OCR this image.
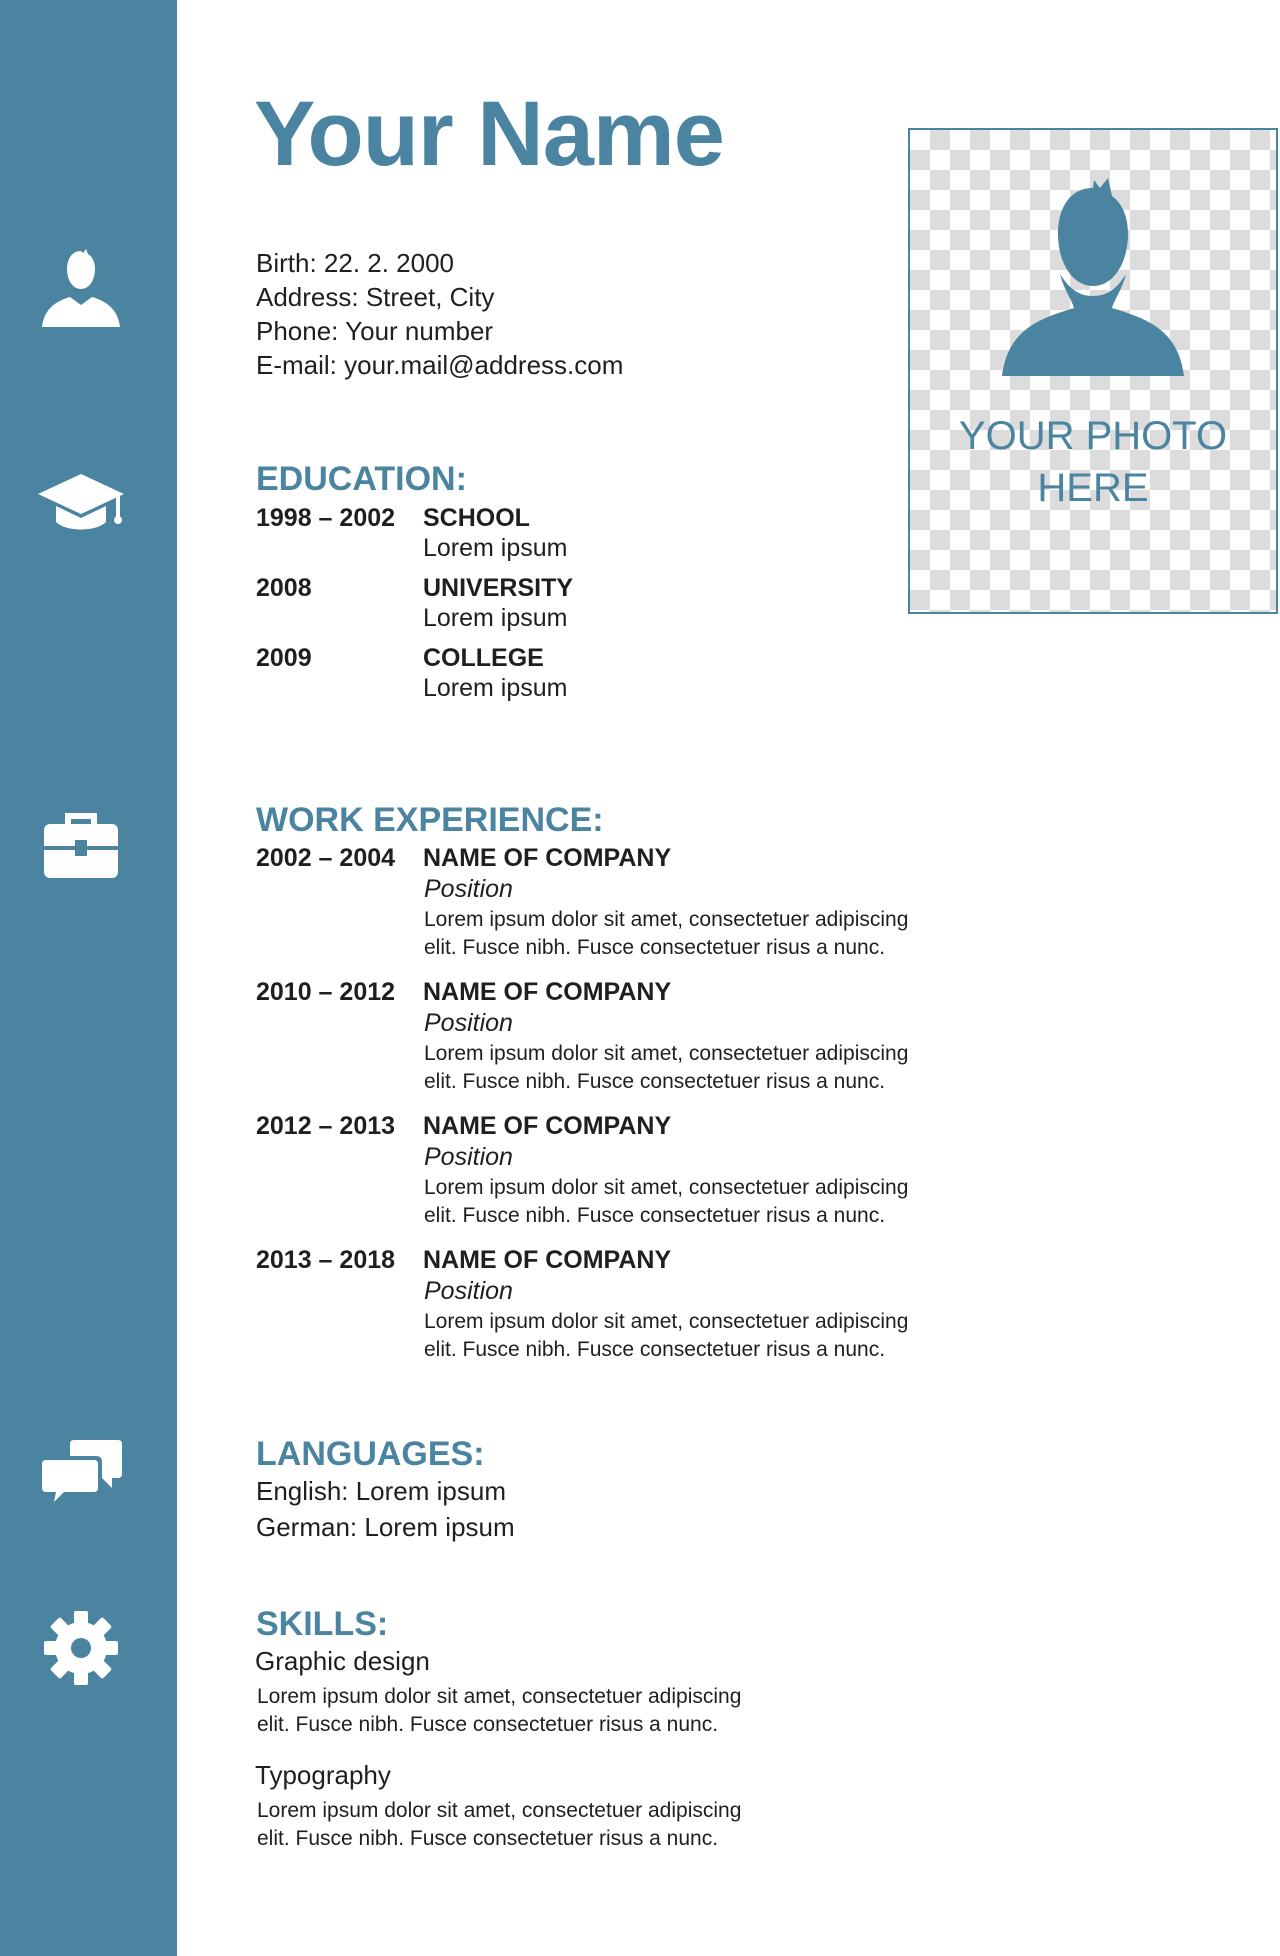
Your Name
Birth: 22. 2. 2000
Address: Street, City
Phone: Your number
E-mail: your.mail@address.com
YOUR PHOTO
HERE
EDUCATION:
1998 – 2002 SCHOOL
Lorem ipsum
2008	UNIVERSITY
Lorem ipsum
2009	COLLEGE
Lorem ipsum
WORK EXPERIENCE:
2002 – 2004 NAME OF COMPANY
Position
Lorem ipsum dolor sit amet, consectetuer adipiscing
elit. Fusce nibh. Fusce consectetuer risus a nunc.
2010 – 2012 NAME OF COMPANY
Position
Lorem ipsum dolor sit amet, consectetuer adipiscing
elit. Fusce nibh. Fusce consectetuer risus a nunc.
2012 – 2013 NAME OF COMPANY
Position
Lorem ipsum dolor sit amet, consectetuer adipiscing
elit. Fusce nibh. Fusce consectetuer risus a nunc.
2013 – 2018 NAME OF COMPANY
Position
Lorem ipsum dolor sit amet, consectetuer adipiscing
elit. Fusce nibh. Fusce consectetuer risus a nunc.
LANGUAGES:
English: Lorem ipsum
German: Lorem ipsum
SKILLS:
Graphic design
Lorem ipsum dolor sit amet, consectetuer adipiscing
elit. Fusce nibh. Fusce consectetuer risus a nunc.
Typography
Lorem ipsum dolor sit amet, consectetuer adipiscing
elit. Fusce nibh. Fusce consectetuer risus a nunc.
